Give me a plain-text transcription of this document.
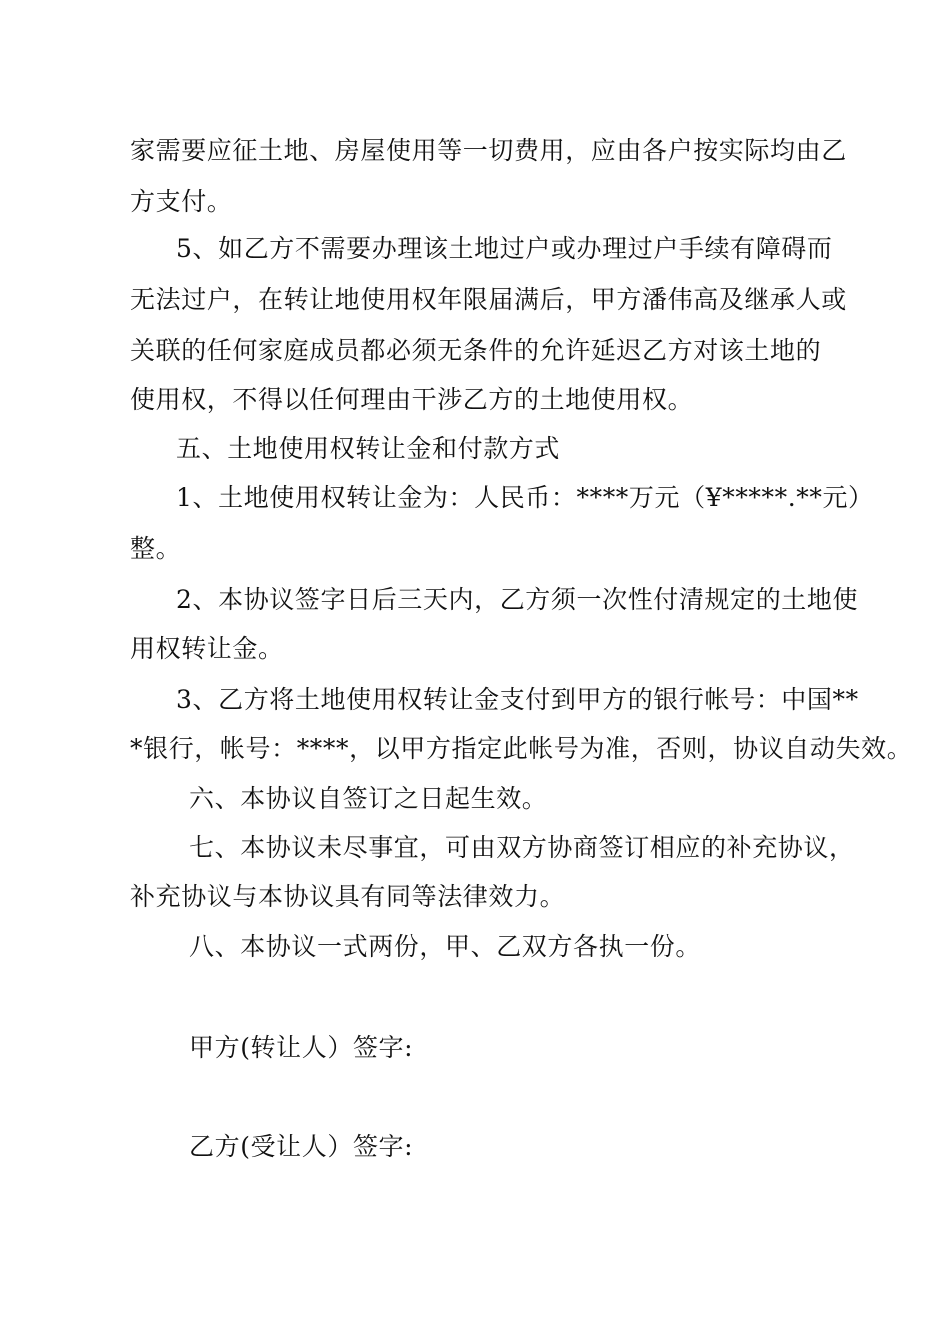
家需要应征土地、房屋使用等一切费用，应由各户按实际均由乙
方支付。
5、如乙方不需要办理该土地过户或办理过户手续有障碍而
无法过户，在转让地使用权年限届满后，甲方潘伟高及继承人或
关联的任何家庭成员都必须无条件的允许延迟乙方对该土地的
使用权，不得以任何理由干涉乙方的土地使用权。
五、土地使用权转让金和付款方式
1、土地使用权转让金为：人民币：****万元（¥*****.**元）
整。
2、本协议签字日后三天内，乙方须一次性付清规定的土地使
用权转让金。
3、乙方将土地使用权转让金支付到甲方的银行帐号：中国**
*银行，帐号：****，以甲方指定此帐号为准，否则，协议自动失效。
六、本协议自签订之日起生效。
七、本协议未尽事宜，可由双方协商签订相应的补充协议，
补充协议与本协议具有同等法律效力。
八、本协议一式两份，甲、乙双方各执一份。
甲方(转让人）签字:
乙方(受让人）签字:
